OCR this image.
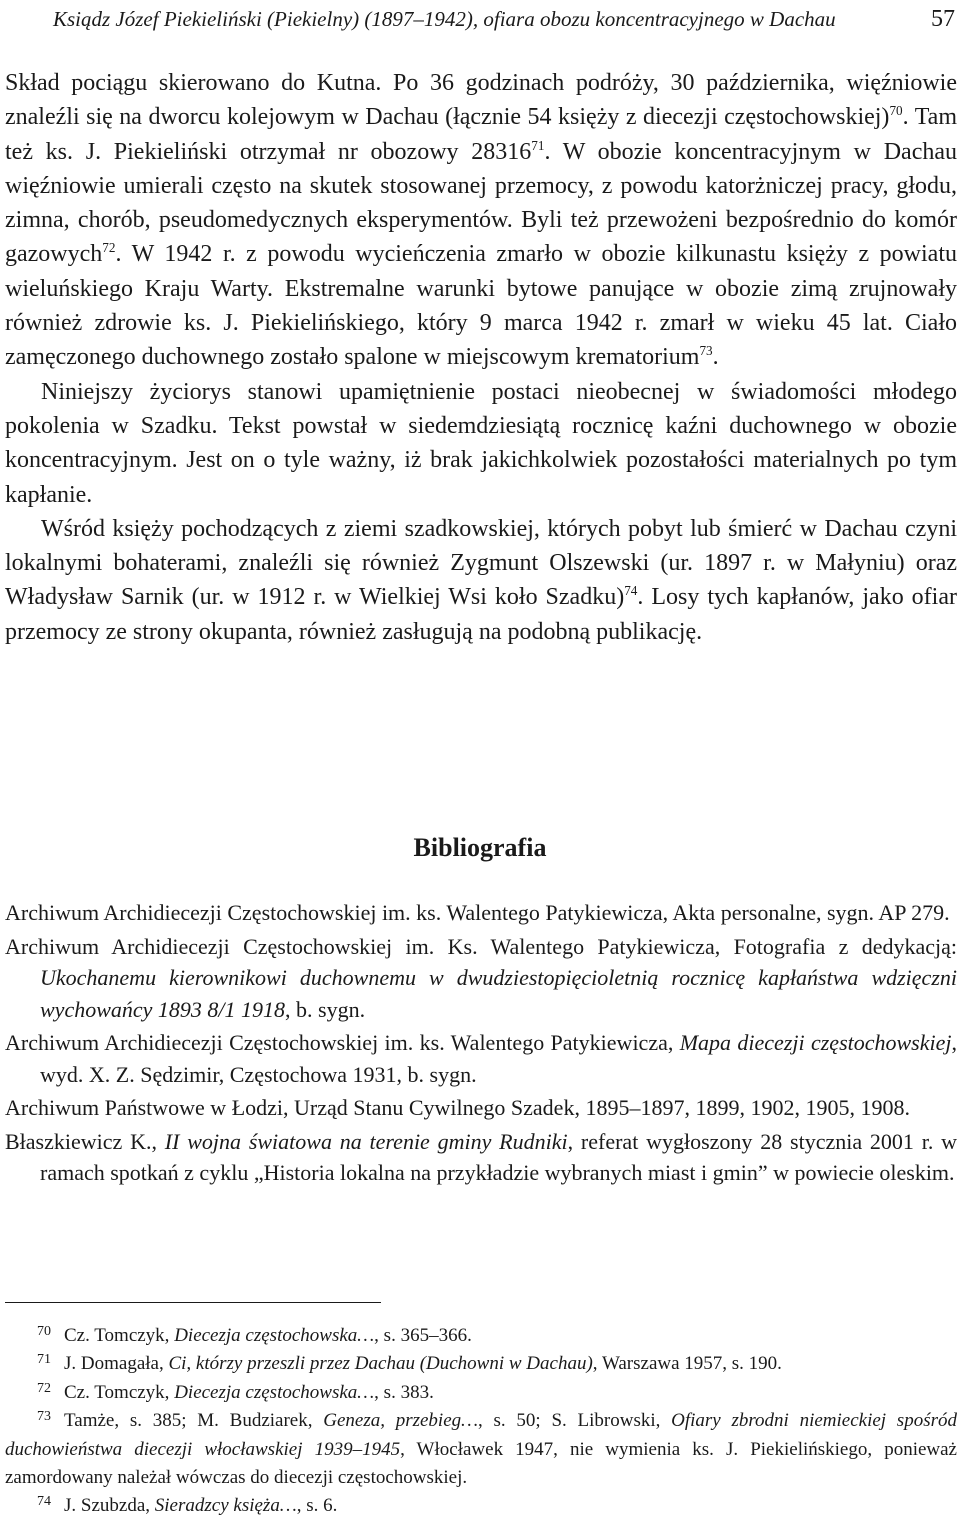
Ksiądz Józef Piekieliński (Piekielny) (1897–1942), ofiara obozu koncentracyjnego w Dachau	57

Skład pociągu skierowano do Kutna. Po 36 godzinach podróży, 30 października, więźniowie znaleźli się na dworcu kolejowym w Dachau (łącznie 54 księży z diecezji częstochowskiej)$^{70}$. Tam też ks. J. Piekieliński otrzymał nr obozowy 28316$^{71}$. W obozie koncentracyjnym w Dachau więźniowie umierali często na skutek stosowanej przemocy, z powodu katorżniczej pracy, głodu, zimna, chorób, pseudomedycznych eksperymentów. Byli też przewożeni bezpośrednio do komór gazowych$^{72}$. W 1942 r. z powodu wycieńczenia zmarło w obozie kilkunastu księży z powiatu wieluńskiego Kraju Warty. Ekstremalne warunki bytowe panujące w obozie zimą zrujnowały również zdrowie ks. J. Piekielińskiego, który 9 marca 1942 r. zmarł w wieku 45 lat. Ciało zamęczonego duchownego zostało spalone w miejscowym krematorium$^{73}$.

Niniejszy życiorys stanowi upamiętnienie postaci nieobecnej w świadomości młodego pokolenia w Szadku. Tekst powstał w siedemdziesiątą rocznicę kaźni duchownego w obozie koncentracyjnym. Jest on o tyle ważny, iż brak jakichkolwiek pozostałości materialnych po tym kapłanie.

Wśród księży pochodzących z ziemi szadkowskiej, których pobyt lub śmierć w Dachau czyni lokalnymi bohaterami, znaleźli się również Zygmunt Olszewski (ur. 1897 r. w Małyniu) oraz Władysław Sarnik (ur. w 1912 r. w Wielkiej Wsi koło Szadku)$^{74}$. Losy tych kapłanów, jako ofiar przemocy ze strony okupanta, również zasługują na podobną publikację.

Bibliografia

Archiwum Archidiecezji Częstochowskiej im. ks. Walentego Patykiewicza, Akta personalne, sygn. AP 279.

Archiwum Archidiecezji Częstochowskiej im. Ks. Walentego Patykiewicza, Fotografia z dedykacją: Ukochanemu kierownikowi duchownemu w dwudziestopięcioletnią rocznicę kapłaństwa wdzięczni wychowańcy 1893 8/1 1918, b. sygn.

Archiwum Archidiecezji Częstochowskiej im. ks. Walentego Patykiewicza, Mapa diecezji częstochowskiej, wyd. X. Z. Sędzimir, Częstochowa 1931, b. sygn.

Archiwum Państwowe w Łodzi, Urząd Stanu Cywilnego Szadek, 1895–1897, 1899, 1902, 1905, 1908.

Błaszkiewicz K., II wojna światowa na terenie gminy Rudniki, referat wygłoszony 28 stycznia 2001 r. w ramach spotkań z cyklu „Historia lokalna na przykładzie wybranych miast i gmin” w powiecie oleskim.

70 Cz. Tomczyk, Diecezja częstochowska…, s. 365–366.

71 J. Domagała, Ci, którzy przeszli przez Dachau (Duchowni w Dachau), Warszawa 1957, s. 190.

72 Cz. Tomczyk, Diecezja częstochowska…, s. 383.

73 Tamże, s. 385; M. Budziarek, Geneza, przebieg…, s. 50; S. Librowski, Ofiary zbrodni niemieckiej spośród duchowieństwa diecezji włocławskiej 1939–1945, Włocławek 1947, nie wymienia ks. J. Piekielińskiego, ponieważ zamordowany należał wówczas do diecezji częstochowskiej.

74 J. Szubzda, Sieradzcy księża…, s. 6.
